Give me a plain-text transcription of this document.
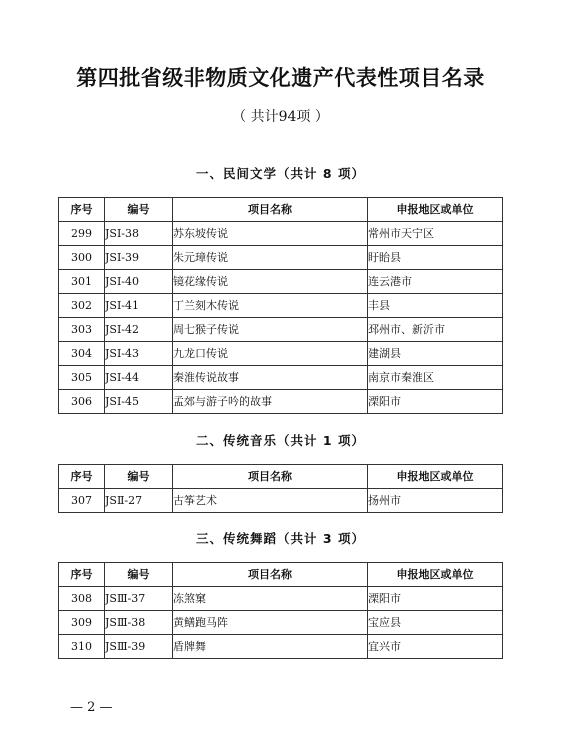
第四批省级非物质文化遗产代表性项目名录
（ 共计94项 ）
一、民间文学（共计 8 项）
序号	编号	项目名称	申报地区或单位
299	JSⅠ-38	苏东坡传说	常州市天宁区
300	JSⅠ-39	朱元璋传说	盱眙县
301	JSⅠ-40	镜花缘传说	连云港市
302	JSⅠ-41	丁兰刻木传说	丰县
303	JSⅠ-42	周七猴子传说	邳州市、新沂市
304	JSⅠ-43	九龙口传说	建湖县
305	JSⅠ-44	秦淮传说故事	南京市秦淮区
306	JSⅠ-45	孟郊与游子吟的故事	溧阳市
二、传统音乐（共计 1 项）
序号	编号	项目名称	申报地区或单位
307	JSⅡ-27	古筝艺术	扬州市
三、传统舞蹈（共计 3 项）
序号	编号	项目名称	申报地区或单位
308	JSⅢ-37	冻煞窠	溧阳市
309	JSⅢ-38	黄鳝跑马阵	宝应县
310	JSⅢ-39	盾牌舞	宜兴市
— 2 —
